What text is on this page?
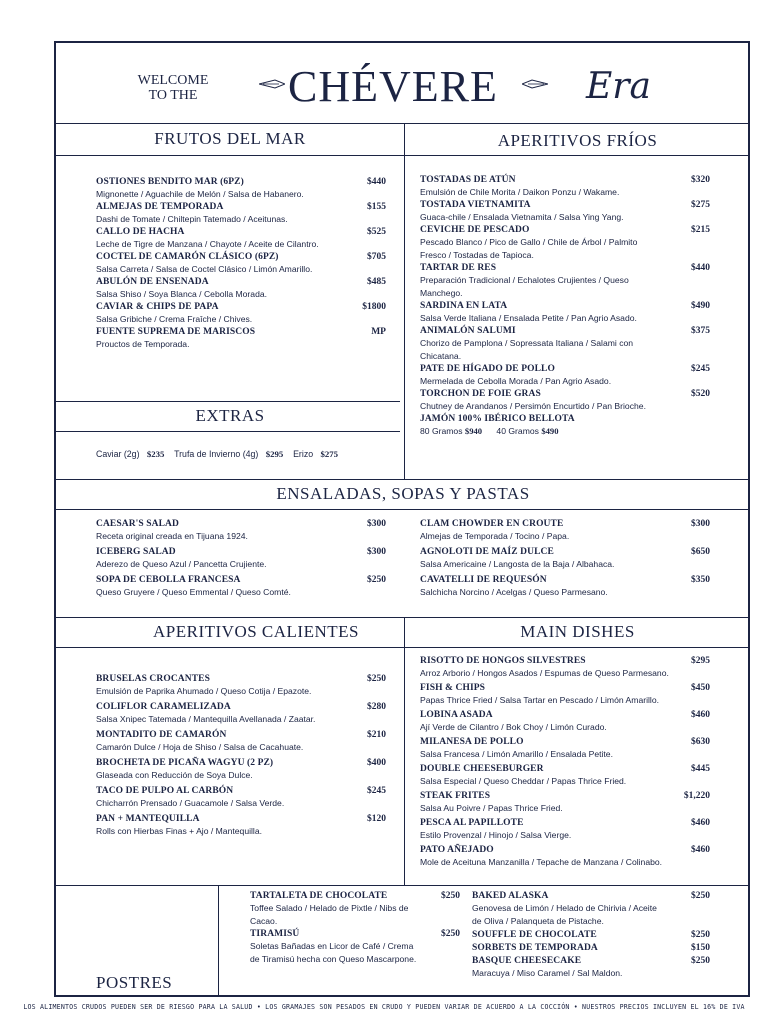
WELCOME TO THE	CHÉVERE Era
FRUTOS DEL MAR	APERITIVOS FRÍOS
EXTRAS
ENSALADAS, SOPAS Y PASTAS
APERITIVOS CALIENTES	MAIN DISHES
POSTRES
OSTIONES BENDITO MAR (6PZ)	$440
Mignonette / Aguachile de Melón / Salsa de Habanero.
ALMEJAS DE TEMPORADA	$155
Dashi de Tomate / Chiltepin Tatemado / Aceitunas.
CALLO DE HACHA	$525
Leche de Tigre de Manzana / Chayote / Aceite de Cilantro.
COCTEL DE CAMARÓN CLÁSICO (6PZ)	$705
Salsa Carreta / Salsa de Coctel Clásico / Limón Amarillo.
ABULÓN DE ENSENADA	$485
Salsa Shiso / Soya Blanca / Cebolla Morada.
CAVIAR & CHIPS DE PAPA	$1800
Salsa Gribiche / Crema Fraîche / Chives.
FUENTE SUPREMA DE MARISCOS	MP
Prouctos de Temporada.
TOSTADAS DE ATÚN	$320
Emulsión de Chile Morita / Daikon Ponzu / Wakame.
TOSTADA VIETNAMITA	$275
Guaca-chile / Ensalada Vietnamita / Salsa Ying Yang.
CEVICHE DE PESCADO	$215
Pescado Blanco / Pico de Gallo / Chile de Árbol / Palmito Fresco / Tostadas de Tapioca.
TARTAR DE RES	$440
Preparación Tradicional / Echalotes Crujientes / Queso Manchego.
SARDINA EN LATA	$490
Salsa Verde Italiana / Ensalada Petite / Pan Agrio Asado.
ANIMALÓN SALUMI	$375
Chorizo de Pamplona / Sopressata Italiana / Salami con Chicatana.
PATE DE HÍGADO DE POLLO	$245
Mermelada de Cebolla Morada / Pan Agrio Asado.
TORCHON DE FOIE GRAS	$520
Chutney de Arandanos / Persimón Encurtido / Pan Brioche.
JAMÓN 100% IBÉRICO BELLOTA
80 Gramos $940 40 Gramos $490
Caviar (2g) $235 Trufa de Invierno (4g) $295 Erizo $275
CAESAR'S SALAD	$300
Receta original creada en Tijuana 1924.
ICEBERG SALAD	$300
Aderezo de Queso Azul / Pancetta Crujiente.
SOPA DE CEBOLLA FRANCESA	$250
Queso Gruyere / Queso Emmental / Queso Comté.
CLAM CHOWDER EN CROUTE	$300
Almejas de Temporada / Tocino / Papa.
AGNOLOTI DE MAÍZ DULCE	$650
Salsa Americaine / Langosta de la Baja / Albahaca.
CAVATELLI DE REQUESÓN	$350
Salchicha Norcino / Acelgas / Queso Parmesano.
BRUSELAS CROCANTES	$250
Emulsión de Paprika Ahumado / Queso Cotija / Epazote.
COLIFLOR CARAMELIZADA	$280
Salsa Xnipec Tatemada / Mantequilla Avellanada / Zaatar.
MONTADITO DE CAMARÓN	$210
Camarón Dulce / Hoja de Shiso / Salsa de Cacahuate.
BROCHETA DE PICAÑA WAGYU (2 PZ)	$400
Glaseada con Reducción de Soya Dulce.
TACO DE PULPO AL CARBÓN	$245
Chicharrón Prensado / Guacamole / Salsa Verde.
PAN + MANTEQUILLA	$120
Rolls con Hierbas Finas + Ajo / Mantequilla.
RISOTTO DE HONGOS SILVESTRES	$295
Arroz Arborio / Hongos Asados / Espumas de Queso Parmesano.
FISH & CHIPS	$450
Papas Thrice Fried / Salsa Tartar en Pescado / Limón Amarillo.
LOBINA ASADA	$460
Ají Verde de Cilantro / Bok Choy / Limón Curado.
MILANESA DE POLLO	$630
Salsa Francesa / Limón Amarillo / Ensalada Petite.
DOUBLE CHEESEBURGER	$445
Salsa Especial / Queso Cheddar / Papas Thrice Fried.
STEAK FRITES	$1,220
Salsa Au Poivre / Papas Thrice Fried.
PESCA AL PAPILLOTE	$460
Estilo Provenzal / Hinojo / Salsa Vierge.
PATO AÑEJADO	$460
Mole de Aceituna Manzanilla / Tepache de Manzana / Colinabo.
TARTALETA DE CHOCOLATE	$250
Toffee Salado / Helado de Pixtle / Nibs de Cacao.
TIRAMISÚ	$250
Soletas Bañadas en Licor de Café / Crema de Tiramisú hecha con Queso Mascarpone.
BAKED ALASKA	$250
Genovesa de Limón / Helado de Chirivia / Aceite de Oliva / Palanqueta de Pistache.
SOUFFLE DE CHOCOLATE	$250
SORBETS DE TEMPORADA	$150
BASQUE CHEESECAKE	$250
Maracuya / Miso Caramel / Sal Maldon.
LOS ALIMENTOS CRUDOS PUEDEN SER DE RIESGO PARA LA SALUD • LOS GRAMAJES SON PESADOS EN CRUDO Y PUEDEN VARIAR DE ACUERDO A LA COCCIÓN • NUESTROS PRECIOS INCLUYEN EL 16% DE IVA
